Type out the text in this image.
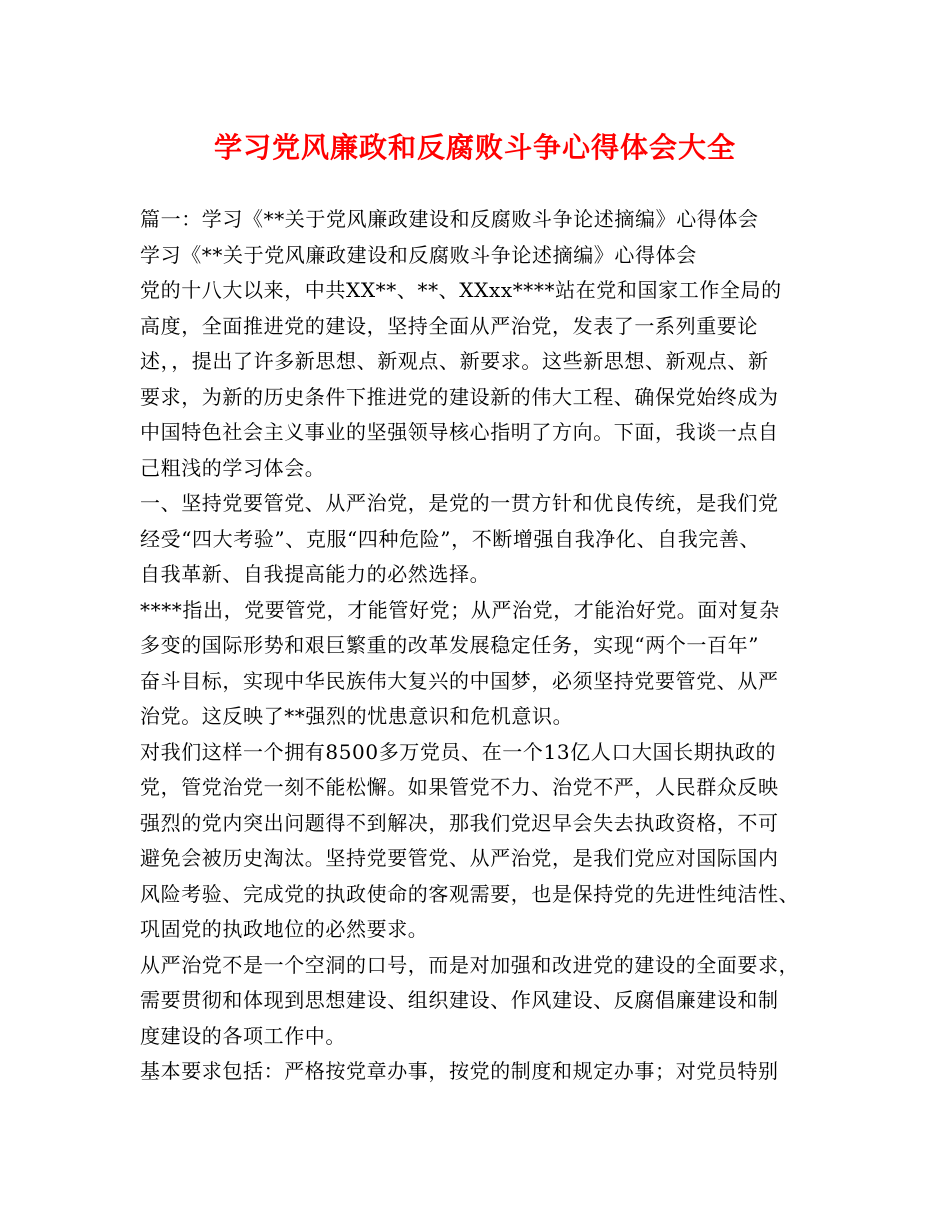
学习党风廉政和反腐败斗争心得体会大全
篇一：学习《**关于党风廉政建设和反腐败斗争论述摘编》心得体会
学习《**关于党风廉政建设和反腐败斗争论述摘编》心得体会
党的十八大以来，中共XX**、**、XXxx****站在党和国家工作全局的
高度，全面推进党的建设，坚持全面从严治党，发表了一系列重要论
述，，提出了许多新思想、新观点、新要求。这些新思想、新观点、新
要求，为新的历史条件下推进党的建设新的伟大工程、确保党始终成为
中国特色社会主义事业的坚强领导核心指明了方向。下面，我谈一点自
己粗浅的学习体会。
一、坚持党要管党、从严治党，是党的一贯方针和优良传统，是我们党
经受“四大考验”、克服“四种危险”，不断增强自我净化、自我完善、
自我革新、自我提高能力的必然选择。
****指出，党要管党，才能管好党；从严治党，才能治好党。面对复杂
多变的国际形势和艰巨繁重的改革发展稳定任务，实现“两个一百年”
奋斗目标，实现中华民族伟大复兴的中国梦，必须坚持党要管党、从严
治党。这反映了**强烈的忧患意识和危机意识。
对我们这样一个拥有8500多万党员、在一个13亿人口大国长期执政的
党，管党治党一刻不能松懈。如果管党不力、治党不严，人民群众反映
强烈的党内突出问题得不到解决，那我们党迟早会失去执政资格，不可
避免会被历史淘汰。坚持党要管党、从严治党，是我们党应对国际国内
风险考验、完成党的执政使命的客观需要，也是保持党的先进性纯洁性、
巩固党的执政地位的必然要求。
从严治党不是一个空洞的口号，而是对加强和改进党的建设的全面要求，
需要贯彻和体现到思想建设、组织建设、作风建设、反腐倡廉建设和制
度建设的各项工作中。
基本要求包括：严格按党章办事，按党的制度和规定办事；对党员特别
